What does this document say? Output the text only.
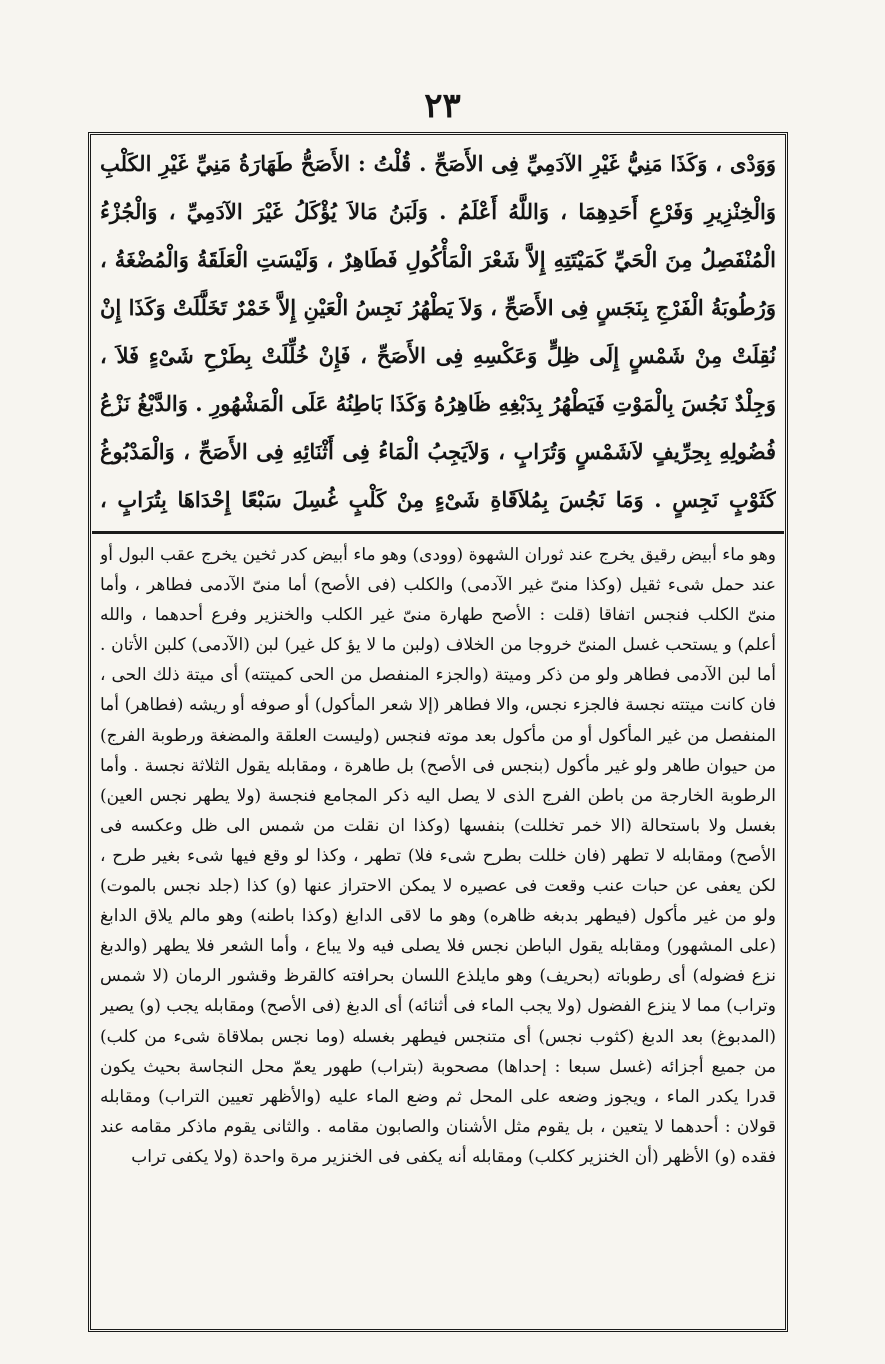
٢٣

وَوَدْى ، وَكَذَا مَنِيُّ غَيْرِ الآدَمِيِّ فِى الأَصَحِّ . قُلْتُ : الأَصَحُّ طَهَارَةُ مَنِيِّ غَيْرِ الكَلْبِ وَالْخِنْزِيرِ وَفَرْعِ أَحَدِهِمَا ، وَاللَّهُ أَعْلَمُ . وَلَبَنُ مَالاَ يُؤْكَلُ غَيْرَ الآدَمِيِّ ، وَالْجُزْءُ الْمُنْفَصِلُ مِنَ الْحَيِّ كَمَيْتَتِهِ إِلاَّ شَعْرَ الْمَأْكُولِ فَطَاهِرٌ ، وَلَيْسَتِ الْعَلَقَةُ وَالْمُضْغَةُ ، وَرُطُوبَةُ الْفَرْجِ بِنَجَسٍ فِى الأَصَحِّ ، وَلاَ يَطْهُرُ نَجِسُ الْعَيْنِ إِلاَّ خَمْرٌ تَخَلَّلَتْ وَكَذَا إِنْ نُقِلَتْ مِنْ شَمْسٍ إِلَى ظِلٍّ وَعَكْسِهِ فِى الأَصَحِّ ، فَإِنْ خُلِّلَتْ بِطَرْحِ شَىْءٍ فَلاَ ، وَجِلْدٌ نَجُسَ بِالْمَوْتِ فَيَطْهُرُ بِدَبْغِهِ ظَاهِرُهُ وَكَذَا بَاطِنُهُ عَلَى الْمَشْهُورِ . وَالدَّبْغُ نَزْعُ فُضُولِهِ بِحِرِّيفٍ لاَشَمْسٍ وَتُرَابٍ ، وَلاَيَجِبُ الْمَاءُ فِى أَثْنَائِهِ فِى الأَصَحِّ ، وَالْمَدْبُوغُ كَثَوْبٍ نَجِسٍ . وَمَا نَجُسَ بِمُلاَقَاةِ شَىْءٍ مِنْ كَلْبٍ غُسِلَ سَبْعًا إِحْدَاهَا بِتُرَابٍ ،

وهو ماء أبيض رقيق يخرج عند ثوران الشهوة (وودى) وهو ماء أبيض كدر ثخين يخرج عقب البول أو عند حمل شىء ثقيل (وكذا منىّ غير الآدمى) والكلب (فى الأصح) أما منىّ الآدمى فطاهر ، وأما منىّ الكلب فنجس اتفاقا (قلت : الأصح طهارة منىّ غير الكلب والخنزير وفرع أحدهما ، والله أعلم) و يستحب غسل المنىّ خروجا من الخلاف (ولبن ما لا يؤ كل غير) لبن (الآدمى) كلبن الأتان . أما لبن الآدمى فطاهر ولو من ذكر وميتة (والجزء المنفصل من الحى كميتته) أى ميتة ذلك الحى ، فان كانت ميتته نجسة فالجزء نجس، والا فطاهر (إلا شعر المأكول) أو صوفه أو ريشه (فطاهر) أما المنفصل من غير المأكول أو من مأكول بعد موته فنجس (وليست العلقة والمضغة ورطوبة الفرج) من حيوان طاهر ولو غير مأكول (بنجس فى الأصح) بل طاهرة ، ومقابله يقول الثلاثة نجسة . وأما الرطوبة الخارجة من باطن الفرج الذى لا يصل اليه ذكر المجامع فنجسة (ولا يطهر نجس العين) بغسل ولا باستحالة (الا خمر تخللت) بنفسها (وكذا ان نقلت من شمس الى ظل وعكسه فى الأصح) ومقابله لا تطهر (فان خللت بطرح شىء فلا) تطهر ، وكذا لو وقع فيها شىء بغير طرح ، لكن يعفى عن حبات عنب وقعت فى عصيره لا يمكن الاحتراز عنها (و) كذا (جلد نجس بالموت) ولو من غير مأكول (فيطهر بدبغه ظاهره) وهو ما لاقى الدابغ (وكذا باطنه) وهو مالم يلاق الدابغ (على المشهور) ومقابله يقول الباطن نجس فلا يصلى فيه ولا يباع ، وأما الشعر فلا يطهر (والدبغ نزع فضوله) أى رطوباته (بحريف) وهو مايلذع اللسان بحرافته كالقرظ وقشور الرمان (لا شمس وتراب) مما لا ينزع الفضول (ولا يجب الماء فى أثنائه) أى الدبغ (فى الأصح) ومقابله يجب (و) يصير (المدبوغ) بعد الدبغ (كثوب نجس) أى متنجس فيطهر بغسله (وما نجس بملاقاة شىء من كلب) من جميع أجزائه (غسل سبعا : إحداها) مصحوبة (بتراب) طهور يعمّ محل النجاسة بحيث يكون قدرا يكدر الماء ، ويجوز وضعه على المحل ثم وضع الماء عليه (والأظهر تعيين التراب) ومقابله قولان : أحدهما لا يتعين ، بل يقوم مثل الأشنان والصابون مقامه . والثانى يقوم ماذكر مقامه عند فقده (و) الأظهر (أن الخنزير ككلب) ومقابله أنه يكفى فى الخنزير مرة واحدة (ولا يكفى تراب
